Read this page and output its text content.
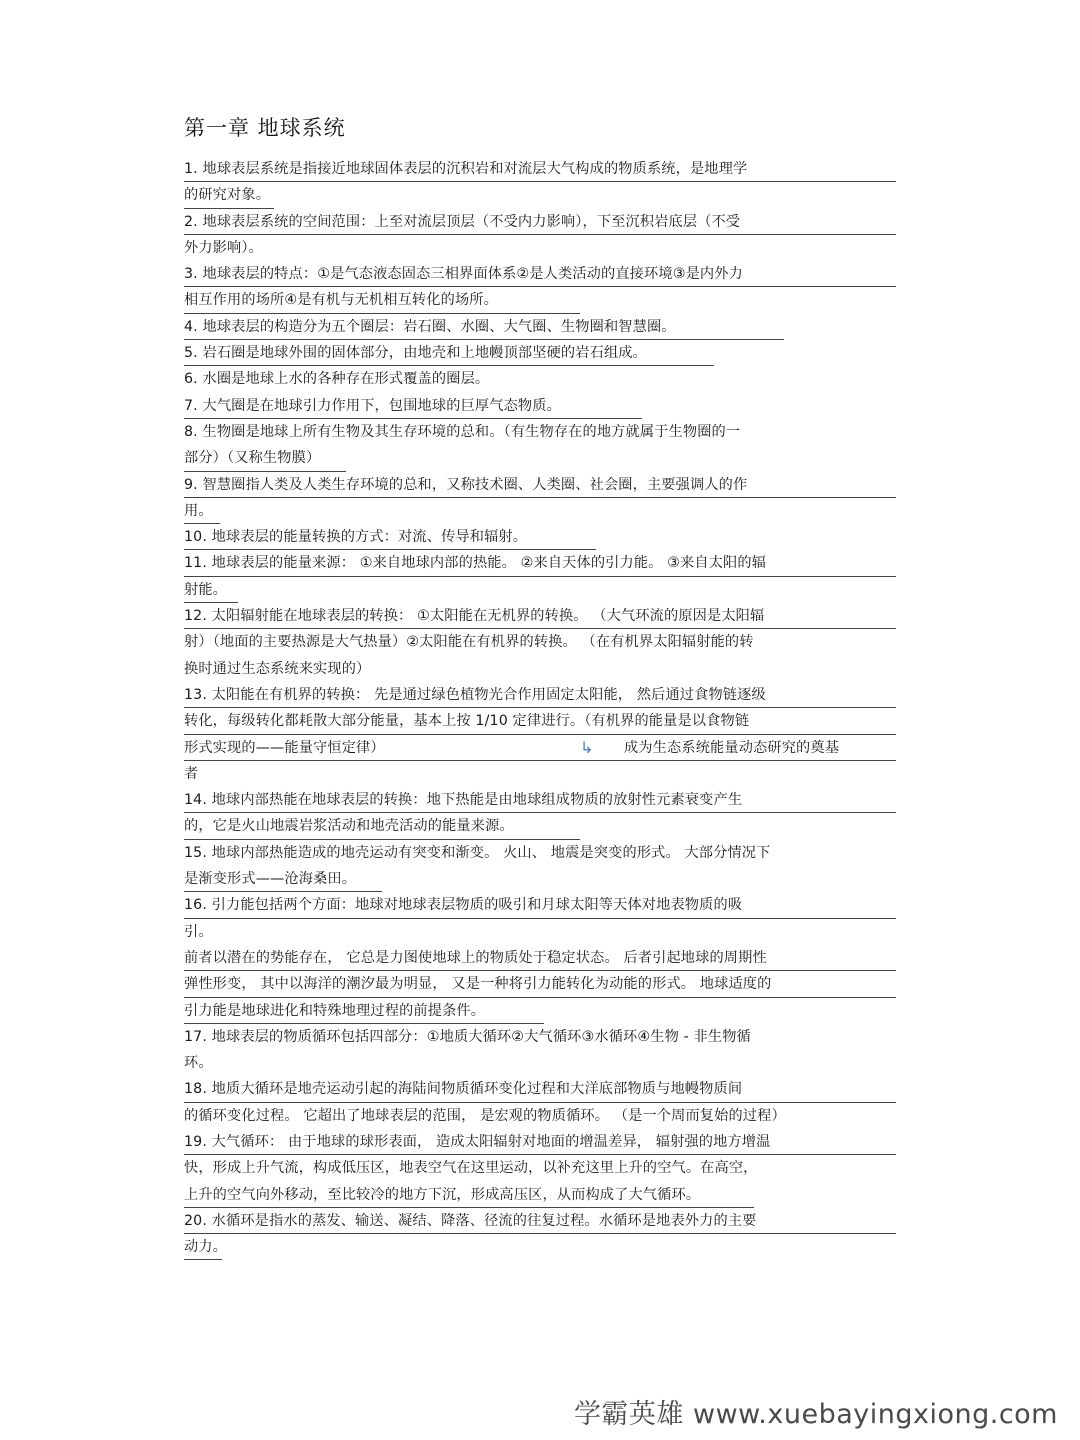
第一章 地球系统
1. 地球表层系统是指接近地球固体表层的沉积岩和对流层大气构成的物质系统，是地理学
的研究对象。
2. 地球表层系统的空间范围：上至对流层顶层（不受内力影响），下至沉积岩底层（不受
外力影响）。
3. 地球表层的特点：①是气态液态固态三相界面体系②是人类活动的直接环境③是内外力
相互作用的场所④是有机与无机相互转化的场所。
4. 地球表层的构造分为五个圈层：岩石圈、水圈、大气圈、生物圈和智慧圈。
5. 岩石圈是地球外围的固体部分，由地壳和上地幔顶部坚硬的岩石组成。
6. 水圈是地球上水的各种存在形式覆盖的圈层。
7. 大气圈是在地球引力作用下，包围地球的巨厚气态物质。
8. 生物圈是地球上所有生物及其生存环境的总和。（有生物存在的地方就属于生物圈的一
部分）（又称生物膜）
9. 智慧圈指人类及人类生存环境的总和，又称技术圈、人类圈、社会圈，主要强调人的作
用。
10. 地球表层的能量转换的方式：对流、传导和辐射。
11. 地球表层的能量来源： ①来自地球内部的热能。 ②来自天体的引力能。 ③来自太阳的辐
射能。
12. 太阳辐射能在地球表层的转换： ①太阳能在无机界的转换。 （大气环流的原因是太阳辐
射）（地面的主要热源是大气热量）②太阳能在有机界的转换。 （在有机界太阳辐射能的转
换时通过生态系统来实现的）
13. 太阳能在有机界的转换： 先是通过绿色植物光合作用固定太阳能， 然后通过食物链逐级
转化，每级转化都耗散大部分能量，基本上按 1/10 定律进行。（有机界的能量是以食物链
形式实现的——能量守恒定律）	↳ 成为生态系统能量动态研究的奠基
者
14. 地球内部热能在地球表层的转换：地下热能是由地球组成物质的放射性元素衰变产生
的，它是火山地震岩浆活动和地壳活动的能量来源。
15. 地球内部热能造成的地壳运动有突变和渐变。 火山、 地震是突变的形式。 大部分情况下
是渐变形式——沧海桑田。
16. 引力能包括两个方面：地球对地球表层物质的吸引和月球太阳等天体对地表物质的吸
引。
前者以潜在的势能存在， 它总是力图使地球上的物质处于稳定状态。 后者引起地球的周期性
弹性形变， 其中以海洋的潮汐最为明显， 又是一种将引力能转化为动能的形式。 地球适度的
引力能是地球进化和特殊地理过程的前提条件。
17. 地球表层的物质循环包括四部分：①地质大循环②大气循环③水循环④生物 - 非生物循
环。
18. 地质大循环是地壳运动引起的海陆间物质循环变化过程和大洋底部物质与地幔物质间
的循环变化过程。 它超出了地球表层的范围， 是宏观的物质循环。 （是一个周而复始的过程）
19. 大气循环： 由于地球的球形表面， 造成太阳辐射对地面的增温差异， 辐射强的地方增温
快，形成上升气流，构成低压区，地表空气在这里运动，以补充这里上升的空气。在高空，
上升的空气向外移动，至比较冷的地方下沉，形成高压区，从而构成了大气循环。
20. 水循环是指水的蒸发、输送、凝结、降落、径流的往复过程。水循环是地表外力的主要
动力。
学霸英雄 www.xuebayingxiong.com
